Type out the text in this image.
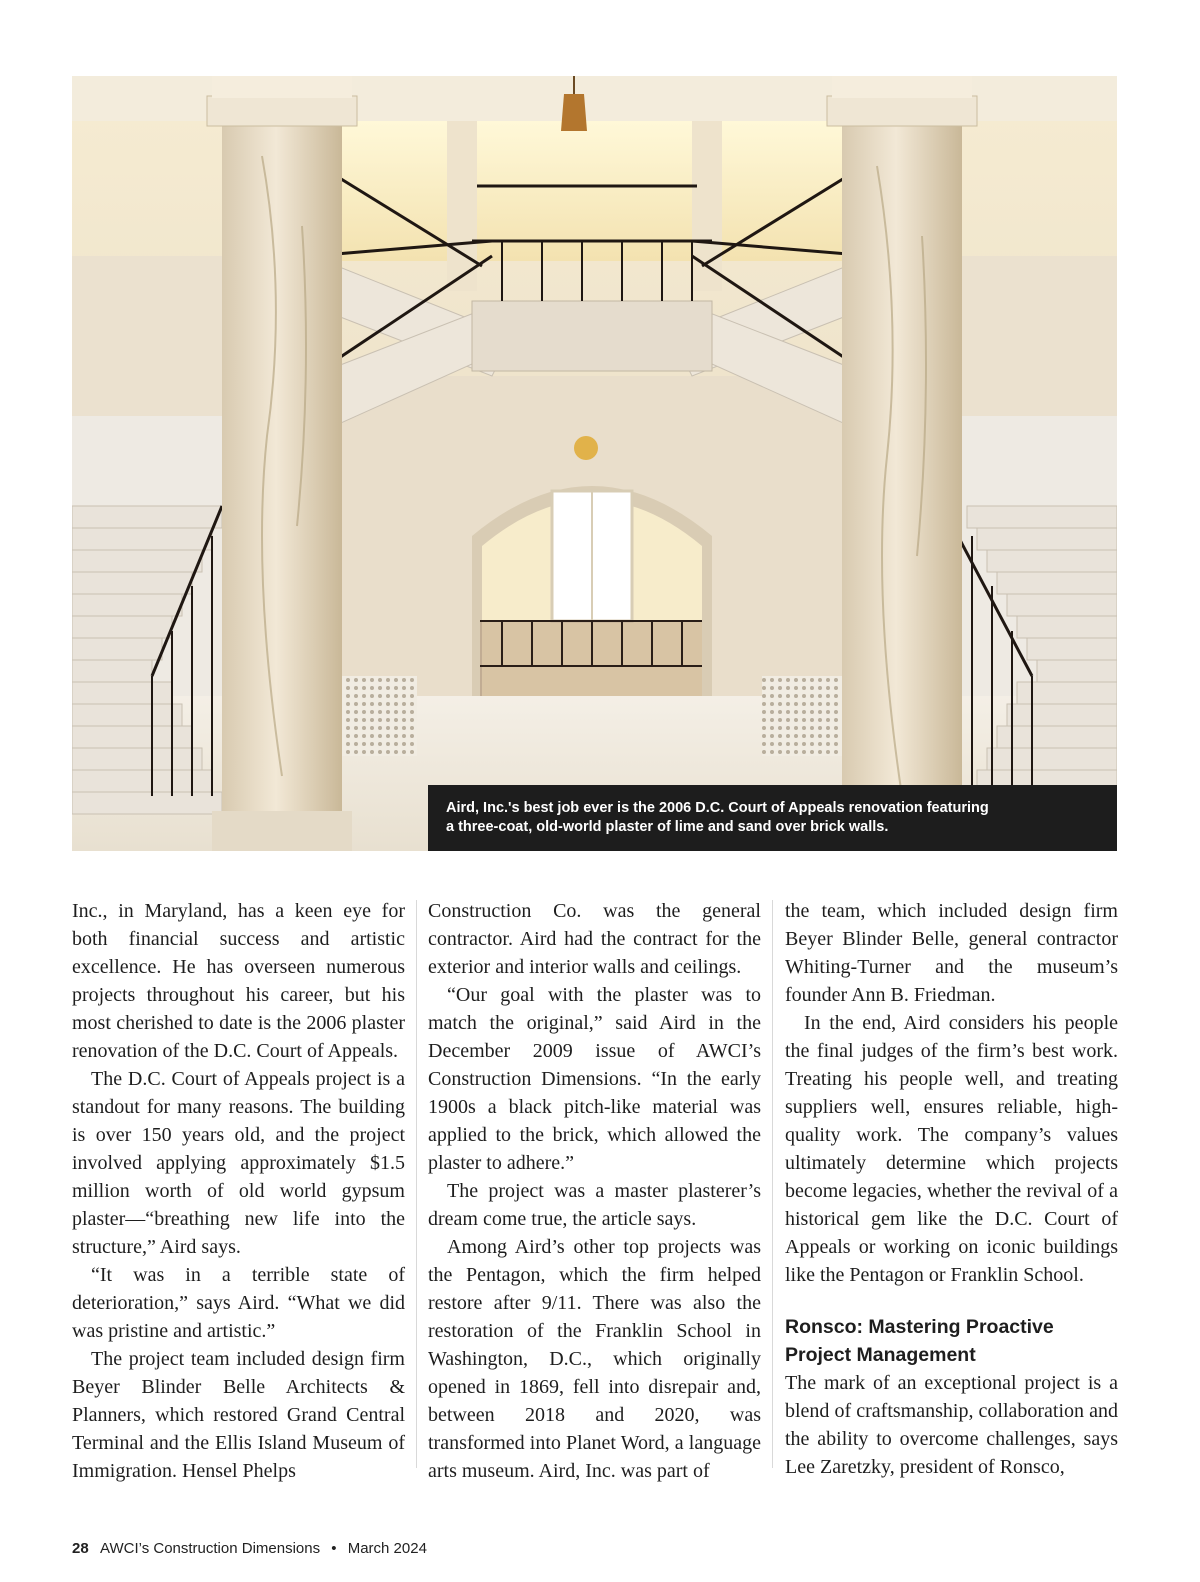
Aird, Inc.'s best job ever is the 2006 D.C. Court of Appeals renovation featuring
a three-coat, old-world plaster of lime and sand over brick walls.

Inc., in Maryland, has a keen eye for both financial success and artistic excellence. He has overseen numerous projects throughout his career, but his most cherished to date is the 2006 plaster renovation of the D.C. Court of Appeals.

The D.C. Court of Appeals project is a standout for many reasons. The building is over 150 years old, and the project involved applying approximately $1.5 million worth of old world gypsum plaster—“breathing new life into the structure,” Aird says.

“It was in a terrible state of deterioration,” says Aird. “What we did was pristine and artistic.”

The project team included design firm Beyer Blinder Belle Architects & Planners, which restored Grand Central Terminal and the Ellis Island Museum of Immigration. Hensel Phelps

Construction Co. was the general contractor. Aird had the contract for the exterior and interior walls and ceilings.

“Our goal with the plaster was to match the original,” said Aird in the December 2009 issue of AWCI’s Construction Dimensions. “In the early 1900s a black pitch-like material was applied to the brick, which allowed the plaster to adhere.”

The project was a master plasterer’s dream come true, the article says.

Among Aird’s other top projects was the Pentagon, which the firm helped restore after 9/11. There was also the restoration of the Franklin School in Washington, D.C., which originally opened in 1869, fell into disrepair and, between 2018 and 2020, was transformed into Planet Word, a language arts museum. Aird, Inc. was part of

the team, which included design firm Beyer Blinder Belle, general contractor Whiting-Turner and the museum’s founder Ann B. Friedman.

In the end, Aird considers his people the final judges of the firm’s best work. Treating his people well, and treating suppliers well, ensures reliable, high-quality work. The company’s values ultimately determine which projects become legacies, whether the revival of a historical gem like the D.C. Court of Appeals or working on iconic buildings like the Pentagon or Franklin School.

Ronsco: Mastering Proactive Project Management

The mark of an exceptional project is a blend of craftsmanship, collaboration and the ability to overcome challenges, says Lee Zaretzky, president of Ronsco,

28 AWCI’s Construction Dimensions • March 2024
